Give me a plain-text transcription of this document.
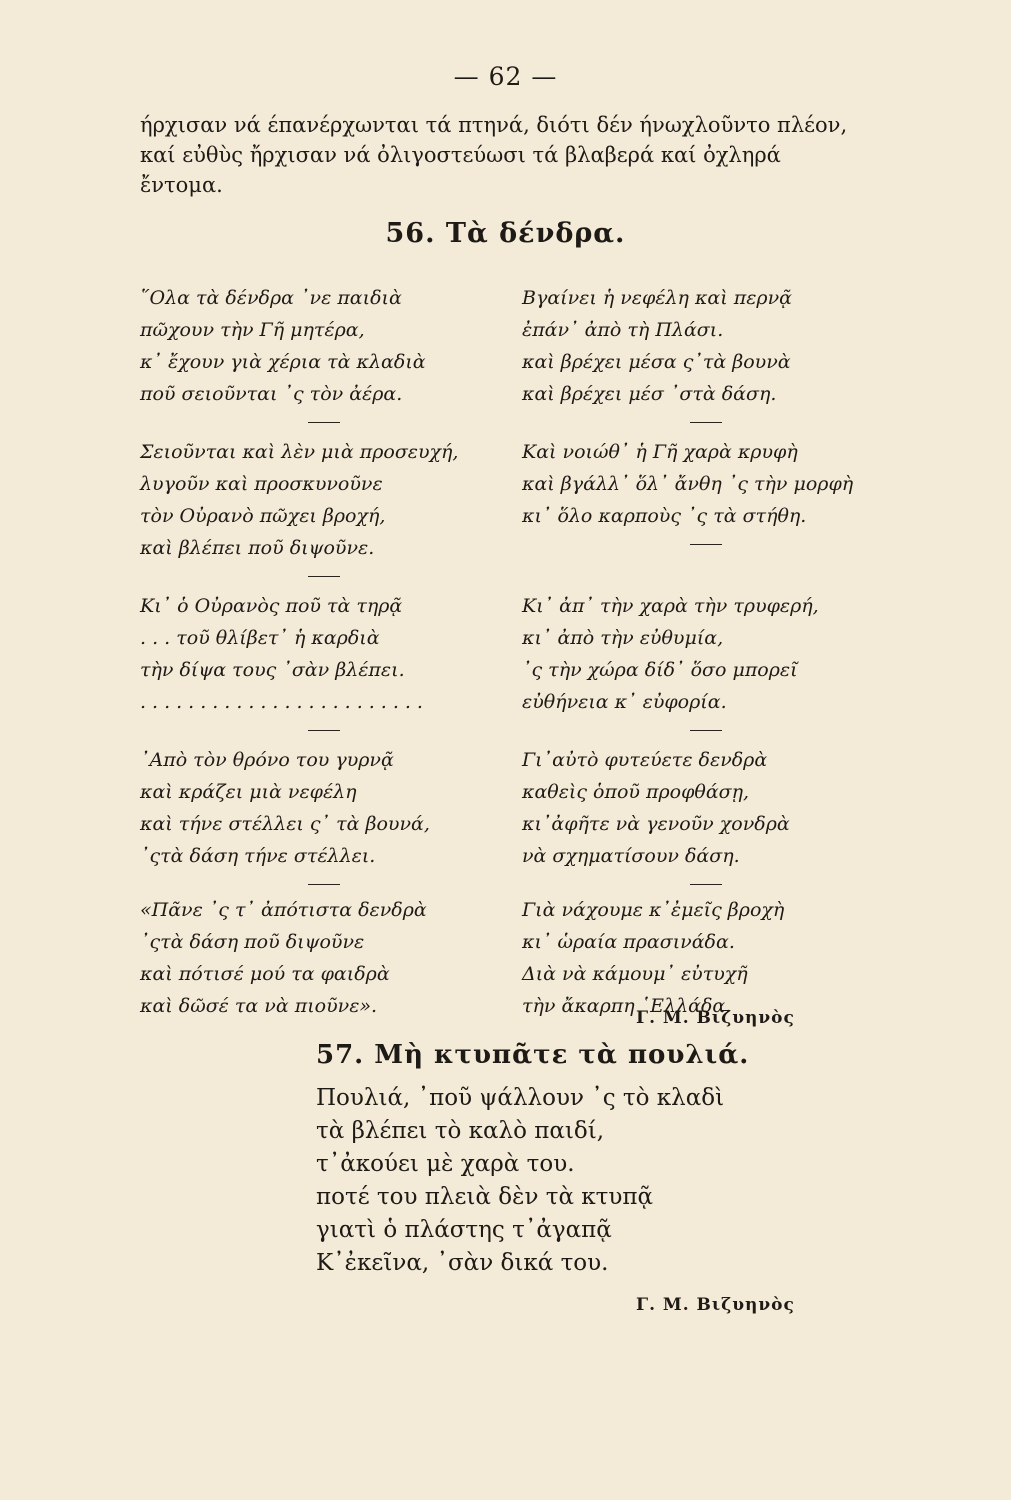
— 62 —

ήρχισαν νά έπανέρχωνται τά πτηνά, διότι δέν ήνωχλοῦντο πλέον,

καί εὐθὺς ἤρχισαν νά ὀλιγοστεύωσι τά βλαβερά καί ὀχληρά

ἔντομα.

56. Τὰ δένδρα.
῞Ολα τὰ δένδρα ᾿νε παιδιὰ
πῶχουν τὴν Γῆ μητέρα,
κ᾿ ἔχουν γιὰ χέρια τὰ κλαδιὰ
ποῦ σειοῦνται ᾿ς τὸν ἀέρα.
Σειοῦνται καὶ λὲν μιὰ προσευχή,
λυγοῦν καὶ προσκυνοῦνε
τὸν Οὐρανὸ πῶχει βροχή,
καὶ βλέπει ποῦ διψοῦνε.
Κι᾿ ὁ Οὐρανὸς ποῦ τὰ τηρᾷ
. . . τοῦ θλίβετ᾿ ἡ καρδιὰ
τὴν δίψα τους ᾿σὰν βλέπει.
........................
᾿Απὸ τὸν θρόνο του γυρνᾷ
καὶ κράζει μιὰ νεφέλη
καὶ τήνε στέλλει ς᾿ τὰ βουνά,
᾿ςτὰ δάση τήνε στέλλει.
«Πᾶνε ᾿ς τ᾿ ἀπότιστα δενδρὰ
᾿ςτὰ δάση ποῦ διψοῦνε
καὶ πότισέ μού τα φαιδρὰ
καὶ δῶσέ τα νὰ πιοῦνε».
Βγαίνει ἡ νεφέλη καὶ περνᾷ
ἐπάν᾿ ἀπὸ τὴ Πλάσι.
καὶ βρέχει μέσα ς᾿τὰ βουνὰ
καὶ βρέχει μέσ ᾿στὰ δάση.
Καὶ νοιώθ᾿ ἡ Γῆ χαρὰ κρυφὴ
καὶ βγάλλ᾿ ὅλ᾿ ἄνθη ᾿ς τὴν μορφὴ
κι᾿ ὅλο καρποὺς ᾿ς τὰ στήθη.
Κι᾿ ἀπ᾿ τὴν χαρὰ τὴν τρυφερή,
κι᾿ ἀπὸ τὴν εὐθυμία,
᾿ς τὴν χώρα δίδ᾿ ὅσο μπορεῖ
εὐθήνεια κ᾿ εὐφορία.
Γι᾿αὐτὸ φυτεύετε δενδρὰ
καθεὶς ὁποῦ προφθάσῃ,
κι᾿ἀφῆτε νὰ γενοῦν χονδρὰ
νὰ σχηματίσουν δάση.
Γιὰ νάχουμε κ᾿ἐμεῖς βροχὴ
κι᾿ ὡραία πρασινάδα.
Διὰ νὰ κάμουμ᾿ εὐτυχῆ
τὴν ἄκαρπη ῾Ελλάδα.
Γ. Μ. Βιζυηνὸς
57. Μὴ κτυπᾶτε τὰ πουλιά.
Πουλιά, ᾿ποῦ ψάλλουν ᾿ς τὸ κλαδὶ
τὰ βλέπει τὸ καλὸ παιδί,
τ᾿ἀκούει μὲ χαρὰ του.
ποτέ του πλειὰ δὲν τὰ κτυπᾷ
γιατὶ ὁ πλάστης τ᾿ἀγαπᾷ
Κ᾿ἐκεῖνα, ᾿σὰν δικά του.
Γ. Μ. Βιζυηνὸς
